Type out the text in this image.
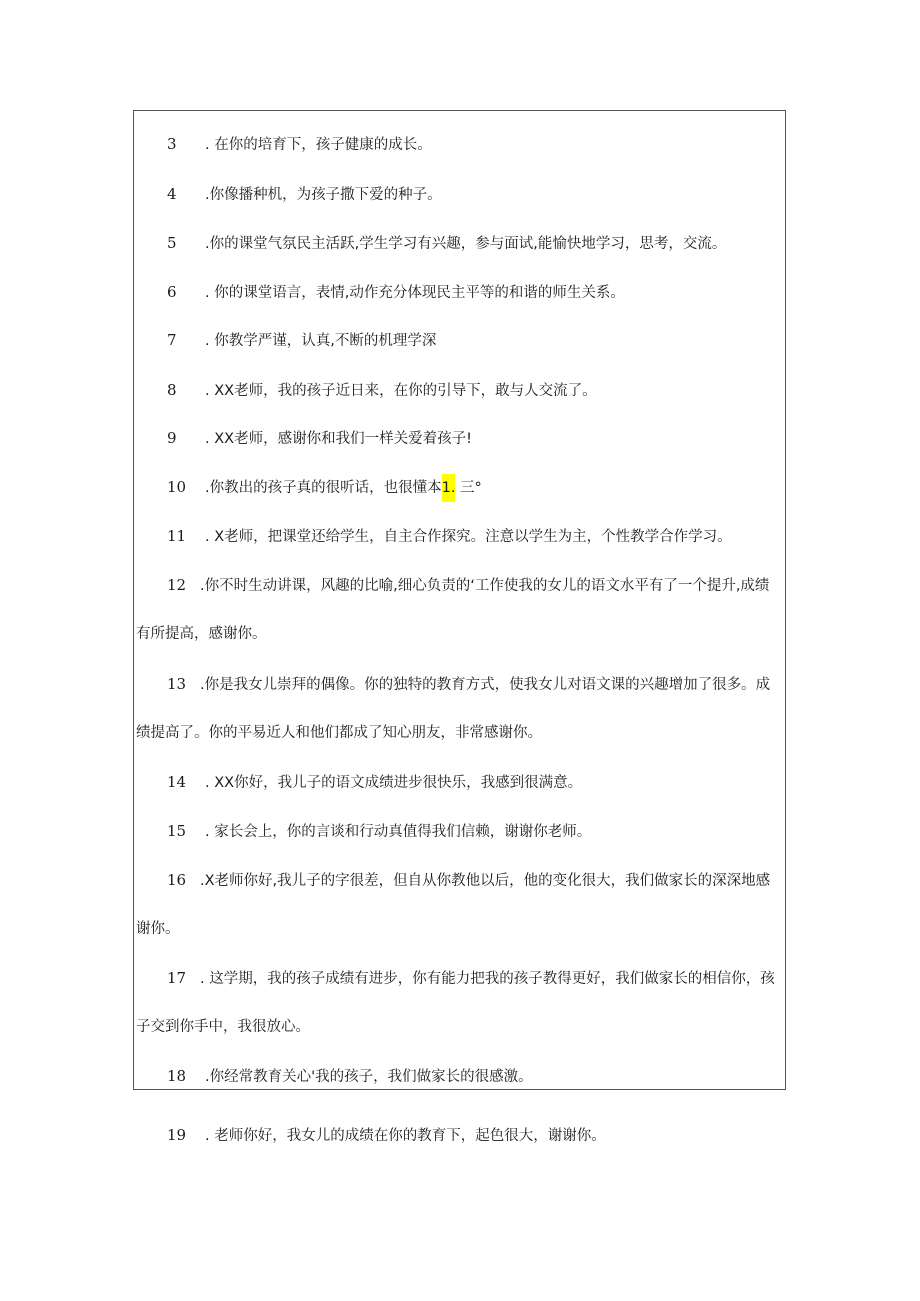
3 . 在你的培育下，孩子健康的成长。
4 .你像播种机，为孩子撒下爱的种子。
5 .你的课堂气氛民主活跃,学生学习有兴趣，参与面试,能愉快地学习，思考，交流。
6 . 你的课堂语言，表情,动作充分体现民主平等的和谐的师生关系。
7 . 你教学严谨，认真,不断的机理学深
8 . XX老师，我的孩子近日来，在你的引导下，敢与人交流了。
9 . XX老师，感谢你和我们一样关爱着孩子!
10 .你教出的孩子真的很听话，也很懂本1. 三°
11 . X老师，把课堂还给学生，自主合作探究。注意以学生为主，个性教学合作学习。
12 .你不时生动讲课，风趣的比喻,细心负责的‘工作使我的女儿的语文水平有了一个提升,成绩
有所提高，感谢你。
13 .你是我女儿崇拜的偶像。你的独特的教育方式，使我女儿对语文课的兴趣增加了很多。成
绩提高了。你的平易近人和他们都成了知心朋友，非常感谢你。
14 . XX你好，我儿子的语文成绩进步很快乐，我感到很满意。
15 . 家长会上，你的言谈和行动真值得我们信赖，谢谢你老师。
16 .X老师你好,我儿子的字很差，但自从你教他以后，他的变化很大，我们做家长的深深地感
谢你。
17 . 这学期，我的孩子成绩有进步，你有能力把我的孩子教得更好，我们做家长的相信你，孩
子交到你手中，我很放心。
18 .你经常教育关心'我的孩子，我们做家长的很感激。
19 . 老师你好，我女儿的成绩在你的教育下，起色很大，谢谢你。
